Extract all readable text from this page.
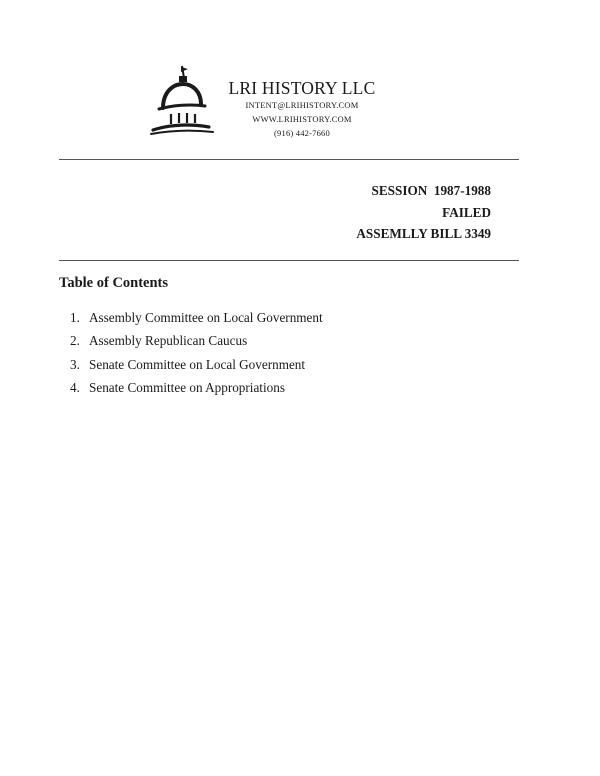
LRI HISTORY LLC
INTENT@LRIHISTORY.COM
WWW.LRIHISTORY.COM
(916) 442-7660
SESSION  1987-1988
FAILED
ASSEMLLY BILL 3349
Table of Contents
1. Assembly Committee on Local Government
2. Assembly Republican Caucus
3. Senate Committee on Local Government
4. Senate Committee on Appropriations
